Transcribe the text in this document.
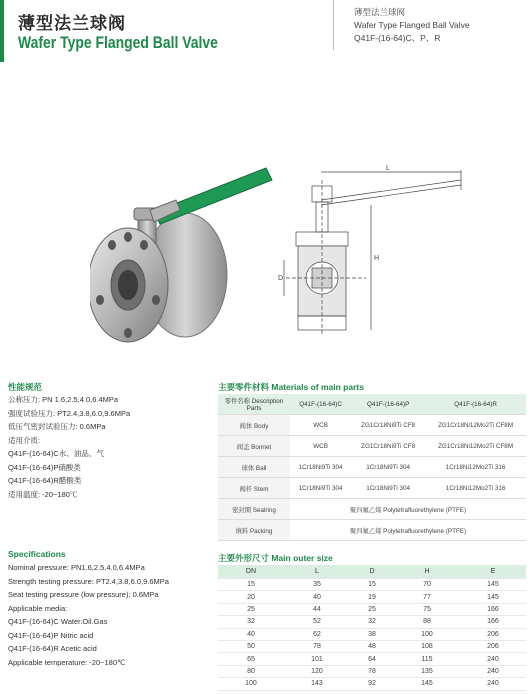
薄型法兰球阀
Wafer Type Flanged Ball Valve
薄型法兰球阀
Wafer Type Flanged Ball Valve
Q41F-(16-64)C、P、R
L
H
D
性能规范
公称压力: PN 1.6,2.5,4.0,6.4MPa
强度试验压力: PT2.4,3.8,6.0,9.6MPa
低压气密封试验压力: 0.6MPa
适用介质:
Q41F-(16-64)C水、油品、气
Q41F-(16-64)P硝酸类
Q41F-(16-64)R醋酸类
适用温度: -20~180℃
Specifications
Nominal pressure: PN1.6,2.5,4.0,6.4MPa
Strength testing pressure: PT2.4,3.8,6.0,9.6MPa
Seat testing pressure (low pressure): 0.6MPa
Applicable media:
Q41F-(16-64)C Water.Oil.Gas
Q41F-(16-64)P Nitric acid
Q41F-(16-64)R Acetic acid
Applicable temperature: -20~180℃
主要零件材料 Materials of main parts
零件名称 Description Parts	Q41F-(16-64)C	Q41F-(16-64)P	Q41F-(16-64)R
阀体 Body	WCB	ZG1Cr18Ni9Ti CF8	ZG1Cr18Ni12Mo2Ti CF8M
阀盖 Bonnet	WCB	ZG1Cr18Ni9Ti CF8	ZG1Cr18Ni12Mo2Ti CF8M
球体 Ball	1Cr18Ni9Ti 304	1Cr18Ni9Ti 304	1Cr18Ni12Mo2Ti 316
阀杆 Stem	1Cr18Ni9Ti 304	1Cr18Ni9Ti 304	1Cr18Ni12Mo2Ti 316
密封圈 Sealring	聚四氟乙烯 Polytetrafluorethylene (PTFE)		
填料 Packing	聚四氟乙烯 Polytetrafluorethylene (PTFE)		
主要外形尺寸 Main outer size
DN	L	D	H	E
15	35	15	70	145
20	40	19	77	145
25	44	25	75	166
32	52	32	88	166
40	62	38	100	206
50	78	48	108	206
65	101	64	115	240
80	120	78	135	240
100	143	92	145	240
